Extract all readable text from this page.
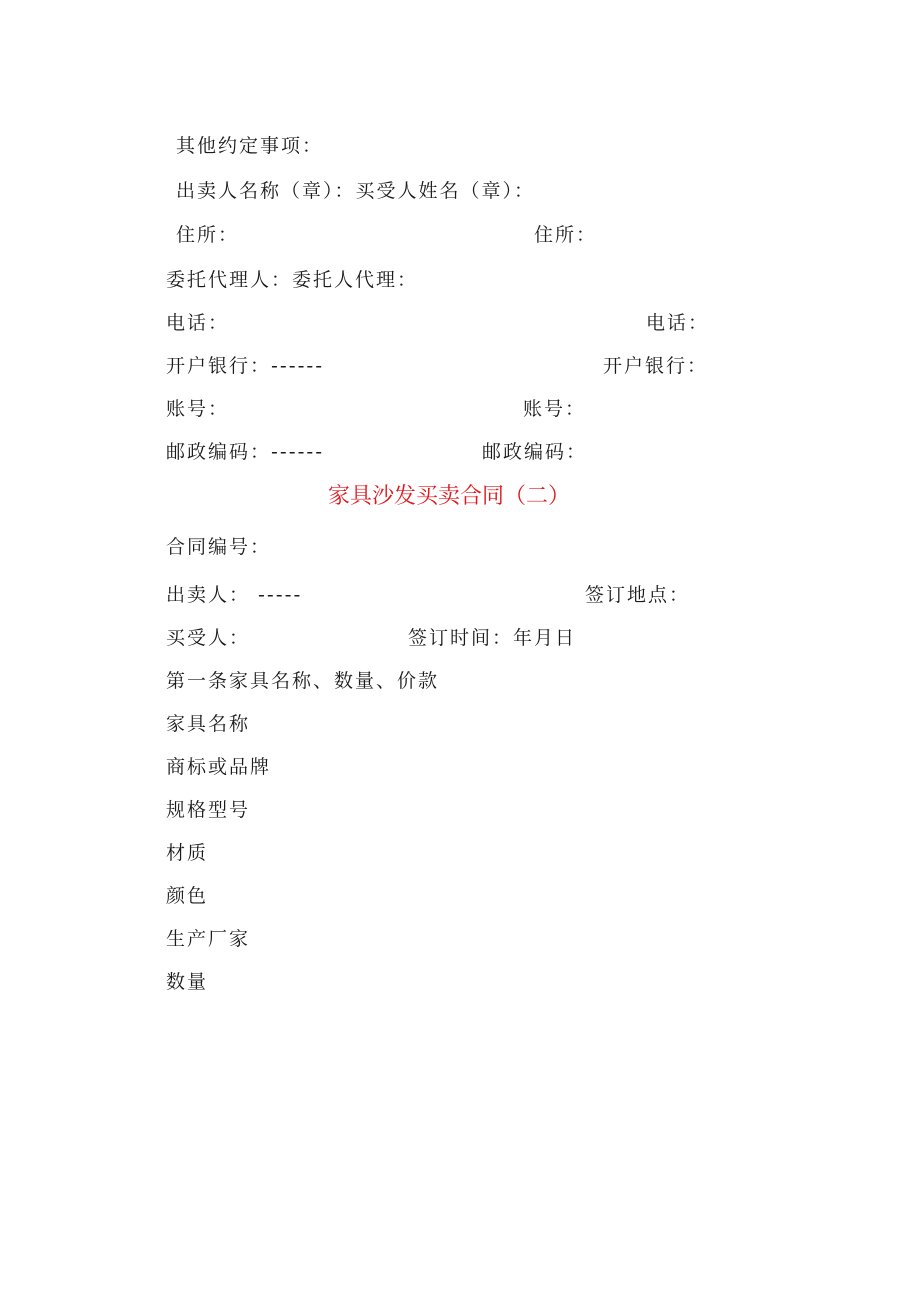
其他约定事项：
出卖人名称（章）：买受人姓名（章）：
住所：	住所：
委托代理人：委托人代理：
电话：	电话：
开户银行：------	开户银行：
账号：	账号：
邮政编码：------	邮政编码：
家具沙发买卖合同（二）
合同编号：
出卖人： -----	签订地点：
买受人：	签订时间：年月日
第一条家具名称、数量、价款
家具名称
商标或品牌
规格型号
材质
颜色
生产厂家
数量
